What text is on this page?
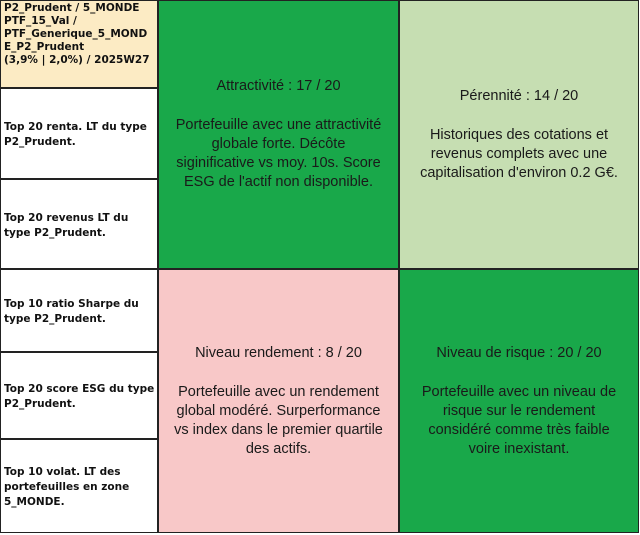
P2_Prudent / 5_MONDE
PTF_15_Val /
PTF_Generique_5_MOND
E_P2_Prudent
(3,9% | 2,0%) / 2025W27
Top 20 renta. LT du type
P2_Prudent.
Top 20 revenus LT du
type P2_Prudent.
Top 10 ratio Sharpe du
type P2_Prudent.
Top 20 score ESG du type
P2_Prudent.
Top 10 volat. LT des
portefeuilles en zone
5_MONDE.
Attractivité : 17 / 20
Portefeuille avec une attractivité
globale forte. Décôte
siginificative vs moy. 10s. Score
ESG de l'actif non disponible.
Pérennité : 14 / 20
Historiques des cotations et
revenus complets avec une
capitalisation d'environ 0.2 G€.
Niveau rendement : 8 / 20
Portefeuille avec un rendement
global modéré. Surperformance
vs index dans le premier quartile
des actifs.
Niveau de risque : 20 / 20
Portefeuille avec un niveau de
risque sur le rendement
considéré comme très faible
voire inexistant.
